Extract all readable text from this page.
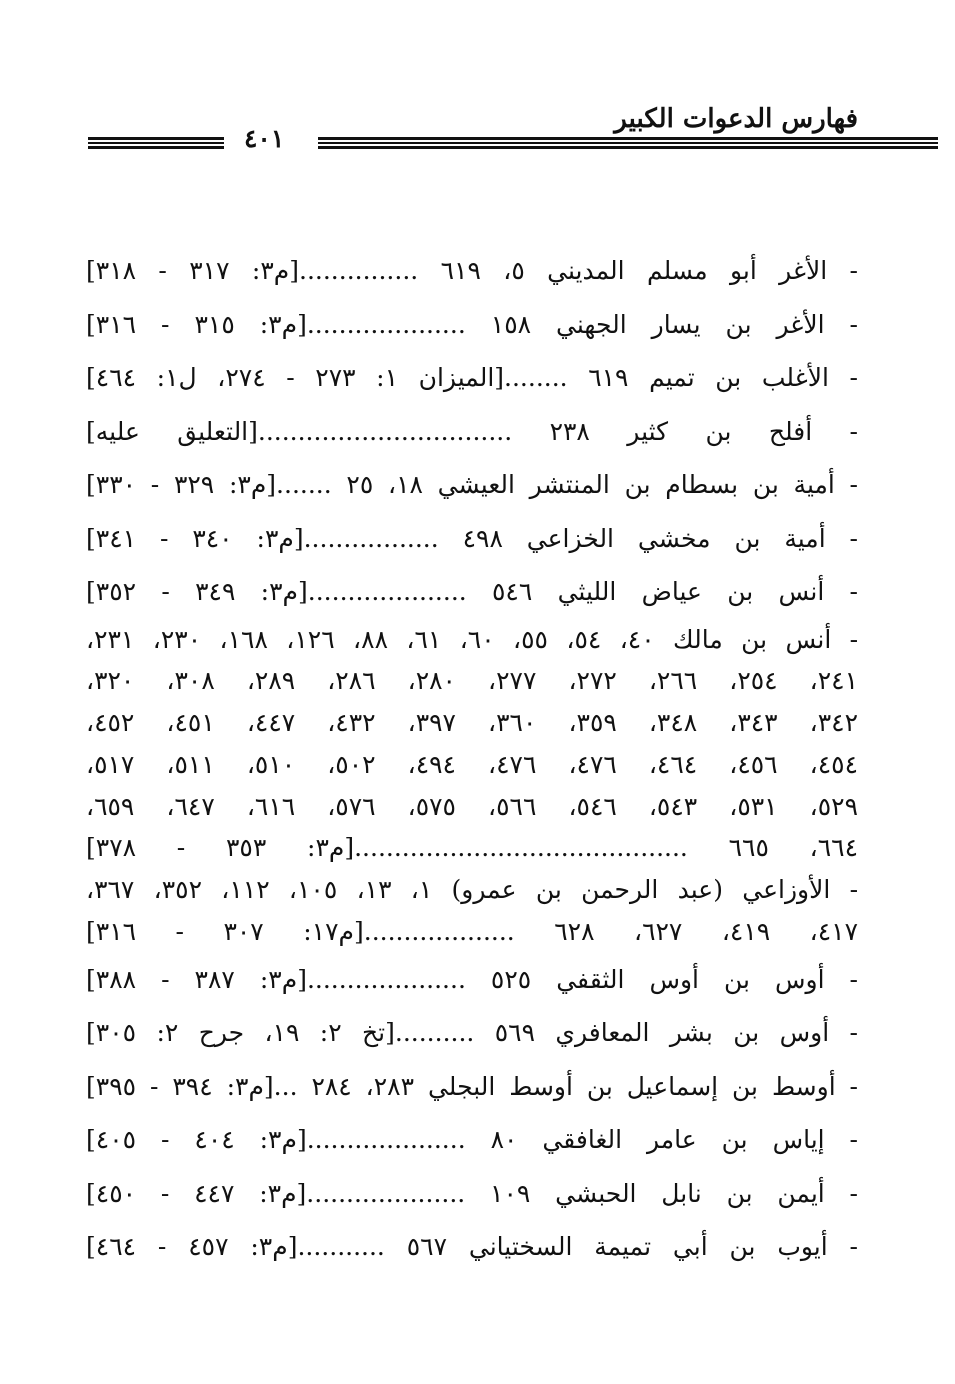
٤٠١
فهارس الدعوات الكبير
- الأغر أبو مسلم المديني ٥، ٦١٩ ...............[م٣: ٣١٧ - ٣١٨]
- الأغر بن يسار الجهني ١٥٨ ....................[م٣: ٣١٥ - ٣١٦]
- الأغلب بن تميم ٦١٩ ........[الميزان ١: ٢٧٣ - ٢٧٤، ل١: ٤٦٤]
- أفلح بن كثير ٢٣٨ ................................[التعليق عليه]
- أمية بن بسطام بن المنتشر العيشي ١٨، ٢٥ .......[م٣: ٣٢٩ - ٣٣٠]
- أمية بن مخشي الخزاعي ٤٩٨ .................[م٣: ٣٤٠ - ٣٤١]
- أنس بن عياض الليثي ٥٤٦ ....................[م٣: ٣٤٩ - ٣٥٢]
- أنس بن مالك ٤٠، ٥٤، ٥٥، ٦٠، ٦١، ٨٨، ١٢٦، ١٦٨، ٢٣٠، ٢٣١،
٢٤١، ٢٥٤، ٢٦٦، ٢٧٢، ٢٧٧، ٢٨٠، ٢٨٦، ٢٨٩، ٣٠٨، ٣٢٠،
٣٤٢، ٣٤٣، ٣٤٨، ٣٥٩، ٣٦٠، ٣٩٧، ٤٣٢، ٤٤٧، ٤٥١، ٤٥٢،
٤٥٤، ٤٥٦، ٤٦٤، ٤٧٦، ٤٧٦، ٤٩٤، ٥٠٢، ٥١٠، ٥١١، ٥١٧،
٥٢٩، ٥٣١، ٥٤٣، ٥٤٦، ٥٦٦، ٥٧٥، ٥٧٦، ٦١٦، ٦٤٧، ٦٥٩،
٦٦٤، ٦٦٥ ..........................................[م٣: ٣٥٣ - ٣٧٨]
- الأوزاعي (عبد الرحمن بن عمرو) ١، ١٣، ١٠٥، ١١٢، ٣٥٢، ٣٦٧،
٤١٧، ٤١٩، ٦٢٧، ٦٢٨ ...................[م١٧: ٣٠٧ - ٣١٦]
- أوس بن أوس الثقفي ٥٢٥ ....................[م٣: ٣٨٧ - ٣٨٨]
- أوس بن بشر المعافري ٥٦٩ ..........[تخ ٢: ١٩، جرح ٢: ٣٠٥]
- أوسط بن إسماعيل بن أوسط البجلي ٢٨٣، ٢٨٤ ...[م٣: ٣٩٤ - ٣٩٥]
- إياس بن عامر الغافقي ٨٠ ....................[م٣: ٤٠٤ - ٤٠٥]
- أيمن بن نابل الحبشي ١٠٩ ....................[م٣: ٤٤٧ - ٤٥٠]
- أيوب بن أبي تميمة السختياني ٥٦٧ ...........[م٣: ٤٥٧ - ٤٦٤]
